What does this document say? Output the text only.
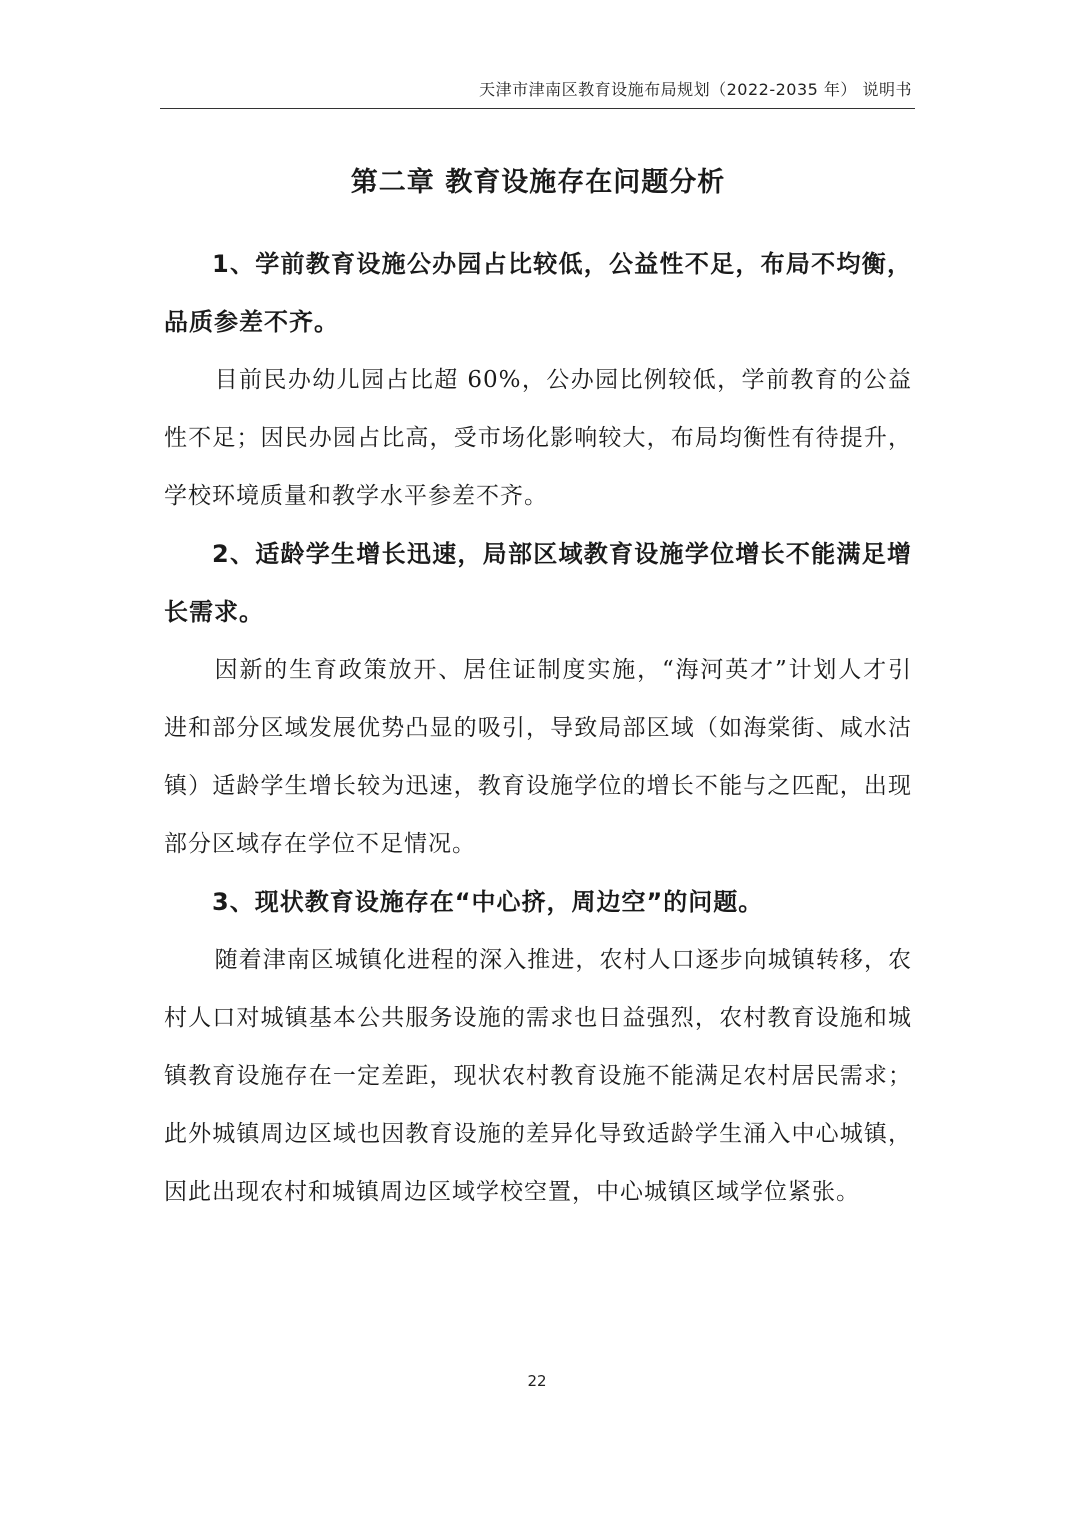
天津市津南区教育设施布局规划（2022-2035 年） 说明书
第二章 教育设施存在问题分析

1、学前教育设施公办园占比较低，公益性不足，布局不均衡，品质参差不齐。

目前民办幼儿园占比超 60%，公办园比例较低，学前教育的公益性不足；因民办园占比高，受市场化影响较大，布局均衡性有待提升，学校环境质量和教学水平参差不齐。

2、适龄学生增长迅速，局部区域教育设施学位增长不能满足增长需求。

因新的生育政策放开、居住证制度实施，“海河英才”计划人才引进和部分区域发展优势凸显的吸引，导致局部区域（如海棠街、咸水沽镇）适龄学生增长较为迅速，教育设施学位的增长不能与之匹配，出现部分区域存在学位不足情况。

3、现状教育设施存在“中心挤，周边空”的问题。

随着津南区城镇化进程的深入推进，农村人口逐步向城镇转移，农村人口对城镇基本公共服务设施的需求也日益强烈，农村教育设施和城镇教育设施存在一定差距，现状农村教育设施不能满足农村居民需求；此外城镇周边区域也因教育设施的差异化导致适龄学生涌入中心城镇，因此出现农村和城镇周边区域学校空置，中心城镇区域学位紧张。

22
